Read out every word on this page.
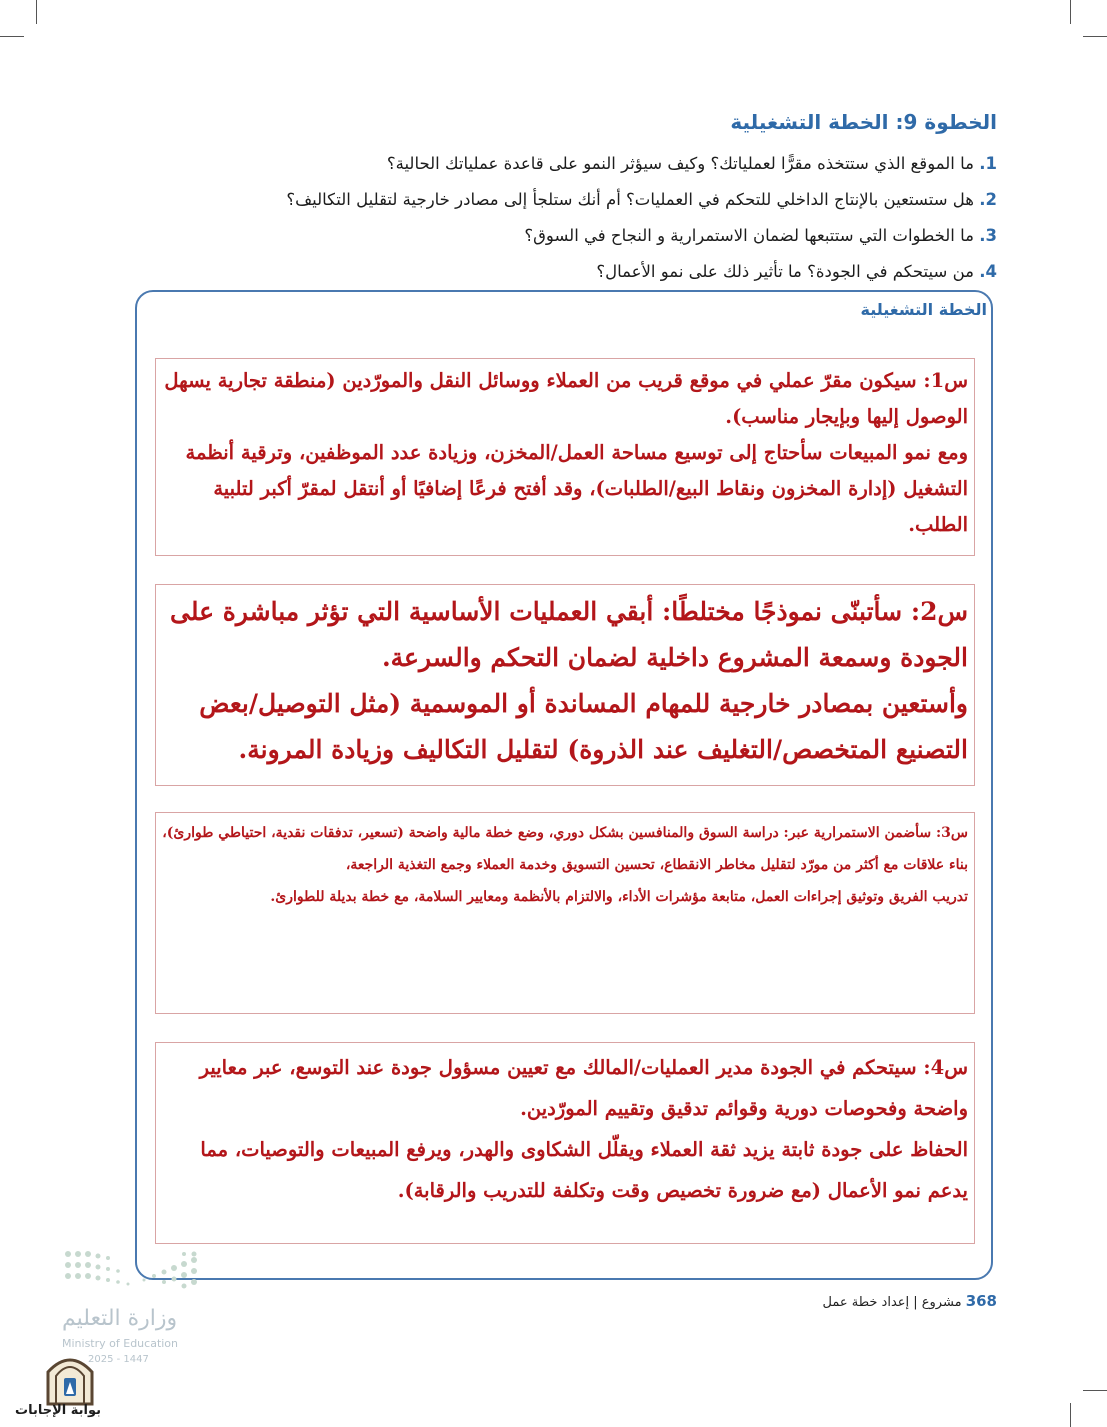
الخطوة 9: الخطة التشغيلية
1. ما الموقع الذي ستتخذه مقرًّا لعملياتك؟ وكيف سيؤثر النمو على قاعدة عملياتك الحالية؟
2. هل ستستعين بالإنتاج الداخلي للتحكم في العمليات؟ أم أنك ستلجأ إلى مصادر خارجية لتقليل التكاليف؟
3. ما الخطوات التي ستتبعها لضمان الاستمرارية و النجاح في السوق؟
4. من سيتحكم في الجودة؟ ما تأثير ذلك على نمو الأعمال؟
الخطة التشغيلية

س1: سيكون مقرّ عملي في موقع قريب من العملاء ووسائل النقل والمورّدين (منطقة تجارية يسهل الوصول إليها وبإيجار مناسب).

ومع نمو المبيعات سأحتاج إلى توسيع مساحة العمل/المخزن، وزيادة عدد الموظفين، وترقية أنظمة التشغيل (إدارة المخزون ونقاط البيع/الطلبات)، وقد أفتح فرعًا إضافيًا أو أنتقل لمقرّ أكبر لتلبية الطلب.

س2: سأتبنّى نموذجًا مختلطًا: أبقي العمليات الأساسية التي تؤثر مباشرة على الجودة وسمعة المشروع داخلية لضمان التحكم والسرعة.

وأستعين بمصادر خارجية للمهام المساندة أو الموسمية (مثل التوصيل/بعض التصنيع المتخصص/التغليف عند الذروة) لتقليل التكاليف وزيادة المرونة.

س3: سأضمن الاستمرارية عبر: دراسة السوق والمنافسين بشكل دوري، وضع خطة مالية واضحة (تسعير، تدفقات نقدية، احتياطي طوارئ)،

بناء علاقات مع أكثر من مورّد لتقليل مخاطر الانقطاع، تحسين التسويق وخدمة العملاء وجمع التغذية الراجعة،

تدريب الفريق وتوثيق إجراءات العمل، متابعة مؤشرات الأداء، والالتزام بالأنظمة ومعايير السلامة، مع خطة بديلة للطوارئ.

س4: سيتحكم في الجودة مدير العمليات/المالك مع تعيين مسؤول جودة عند التوسع، عبر معايير واضحة وفحوصات دورية وقوائم تدقيق وتقييم المورّدين.

الحفاظ على جودة ثابتة يزيد ثقة العملاء ويقلّل الشكاوى والهدر، ويرفع المبيعات والتوصيات، مما يدعم نمو الأعمال (مع ضرورة تخصيص وقت وتكلفة للتدريب والرقابة).

368 مشروع | إعداد خطة عمل
وزارة التعليم
Ministry of Education
2025 - 1447
بوابة الإجابات
